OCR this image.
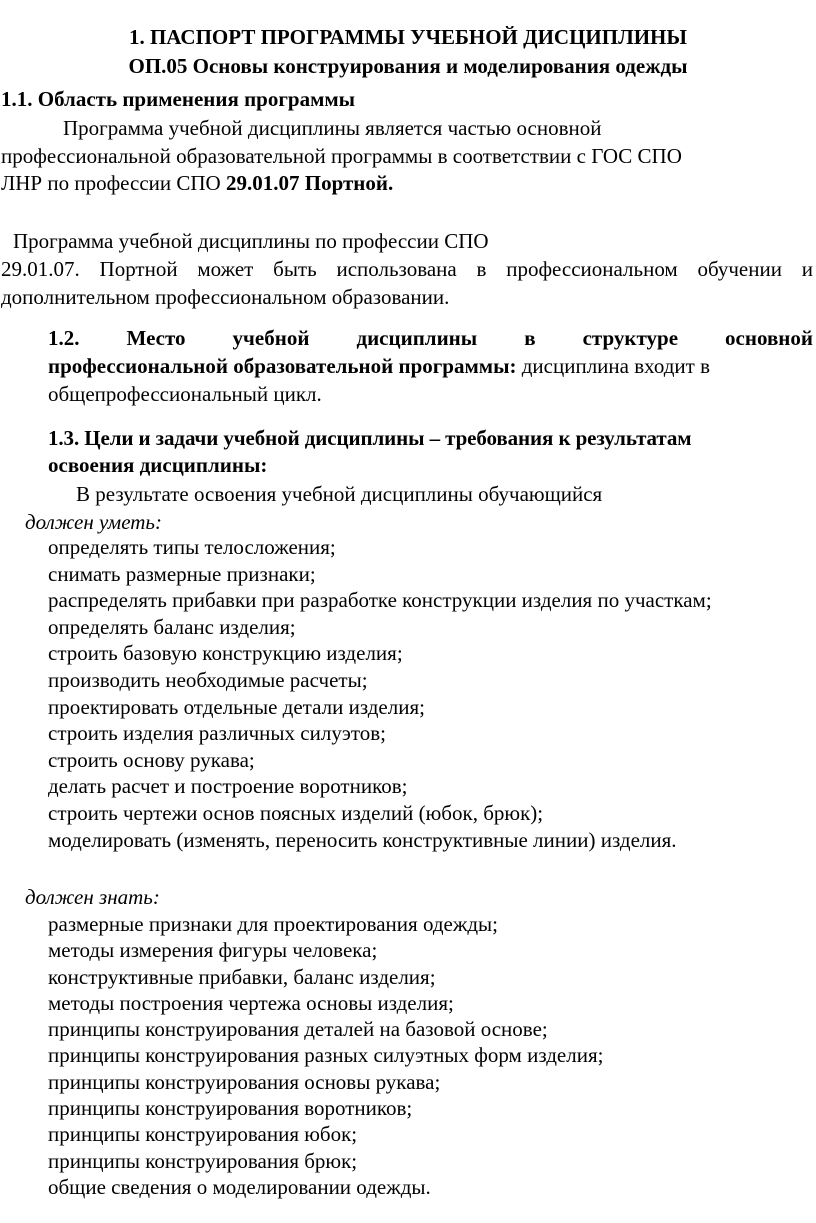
1. ПАСПОРТ ПРОГРАММЫ УЧЕБНОЙ ДИСЦИПЛИНЫ
ОП.05 Основы конструирования и моделирования одежды
1.1. Область применения программы
Программа учебной дисциплины является частью основной
профессиональной образовательной программы в соответствии с ГОС СПО
ЛНР по профессии СПО 29.01.07 Портной.
Программа учебной дисциплины по профессии СПО
29.01.07. Портной может быть использована в профессиональном обучении и
дополнительном профессиональном образовании.
1.2. Место учебной дисциплины в структуре основной
профессиональной образовательной программы: дисциплина входит в
общепрофессиональный цикл.
1.3. Цели и задачи учебной дисциплины – требования к результатам
освоения дисциплины:
В результате освоения учебной дисциплины обучающийся
должен уметь:
определять типы телосложения;
снимать размерные признаки;
распределять прибавки при разработке конструкции изделия по участкам;
определять баланс изделия;
строить базовую конструкцию изделия;
производить необходимые расчеты;
проектировать отдельные детали изделия;
строить изделия различных силуэтов;
строить основу рукава;
делать расчет и построение воротников;
строить чертежи основ поясных изделий (юбок, брюк);
моделировать (изменять, переносить конструктивные линии) изделия.
должен знать:
размерные признаки для проектирования одежды;
методы измерения фигуры человека;
конструктивные прибавки, баланс изделия;
методы построения чертежа основы изделия;
принципы конструирования деталей на базовой основе;
принципы конструирования разных силуэтных форм изделия;
принципы конструирования основы рукава;
принципы конструирования воротников;
принципы конструирования юбок;
принципы конструирования брюк;
общие сведения о моделировании одежды.
